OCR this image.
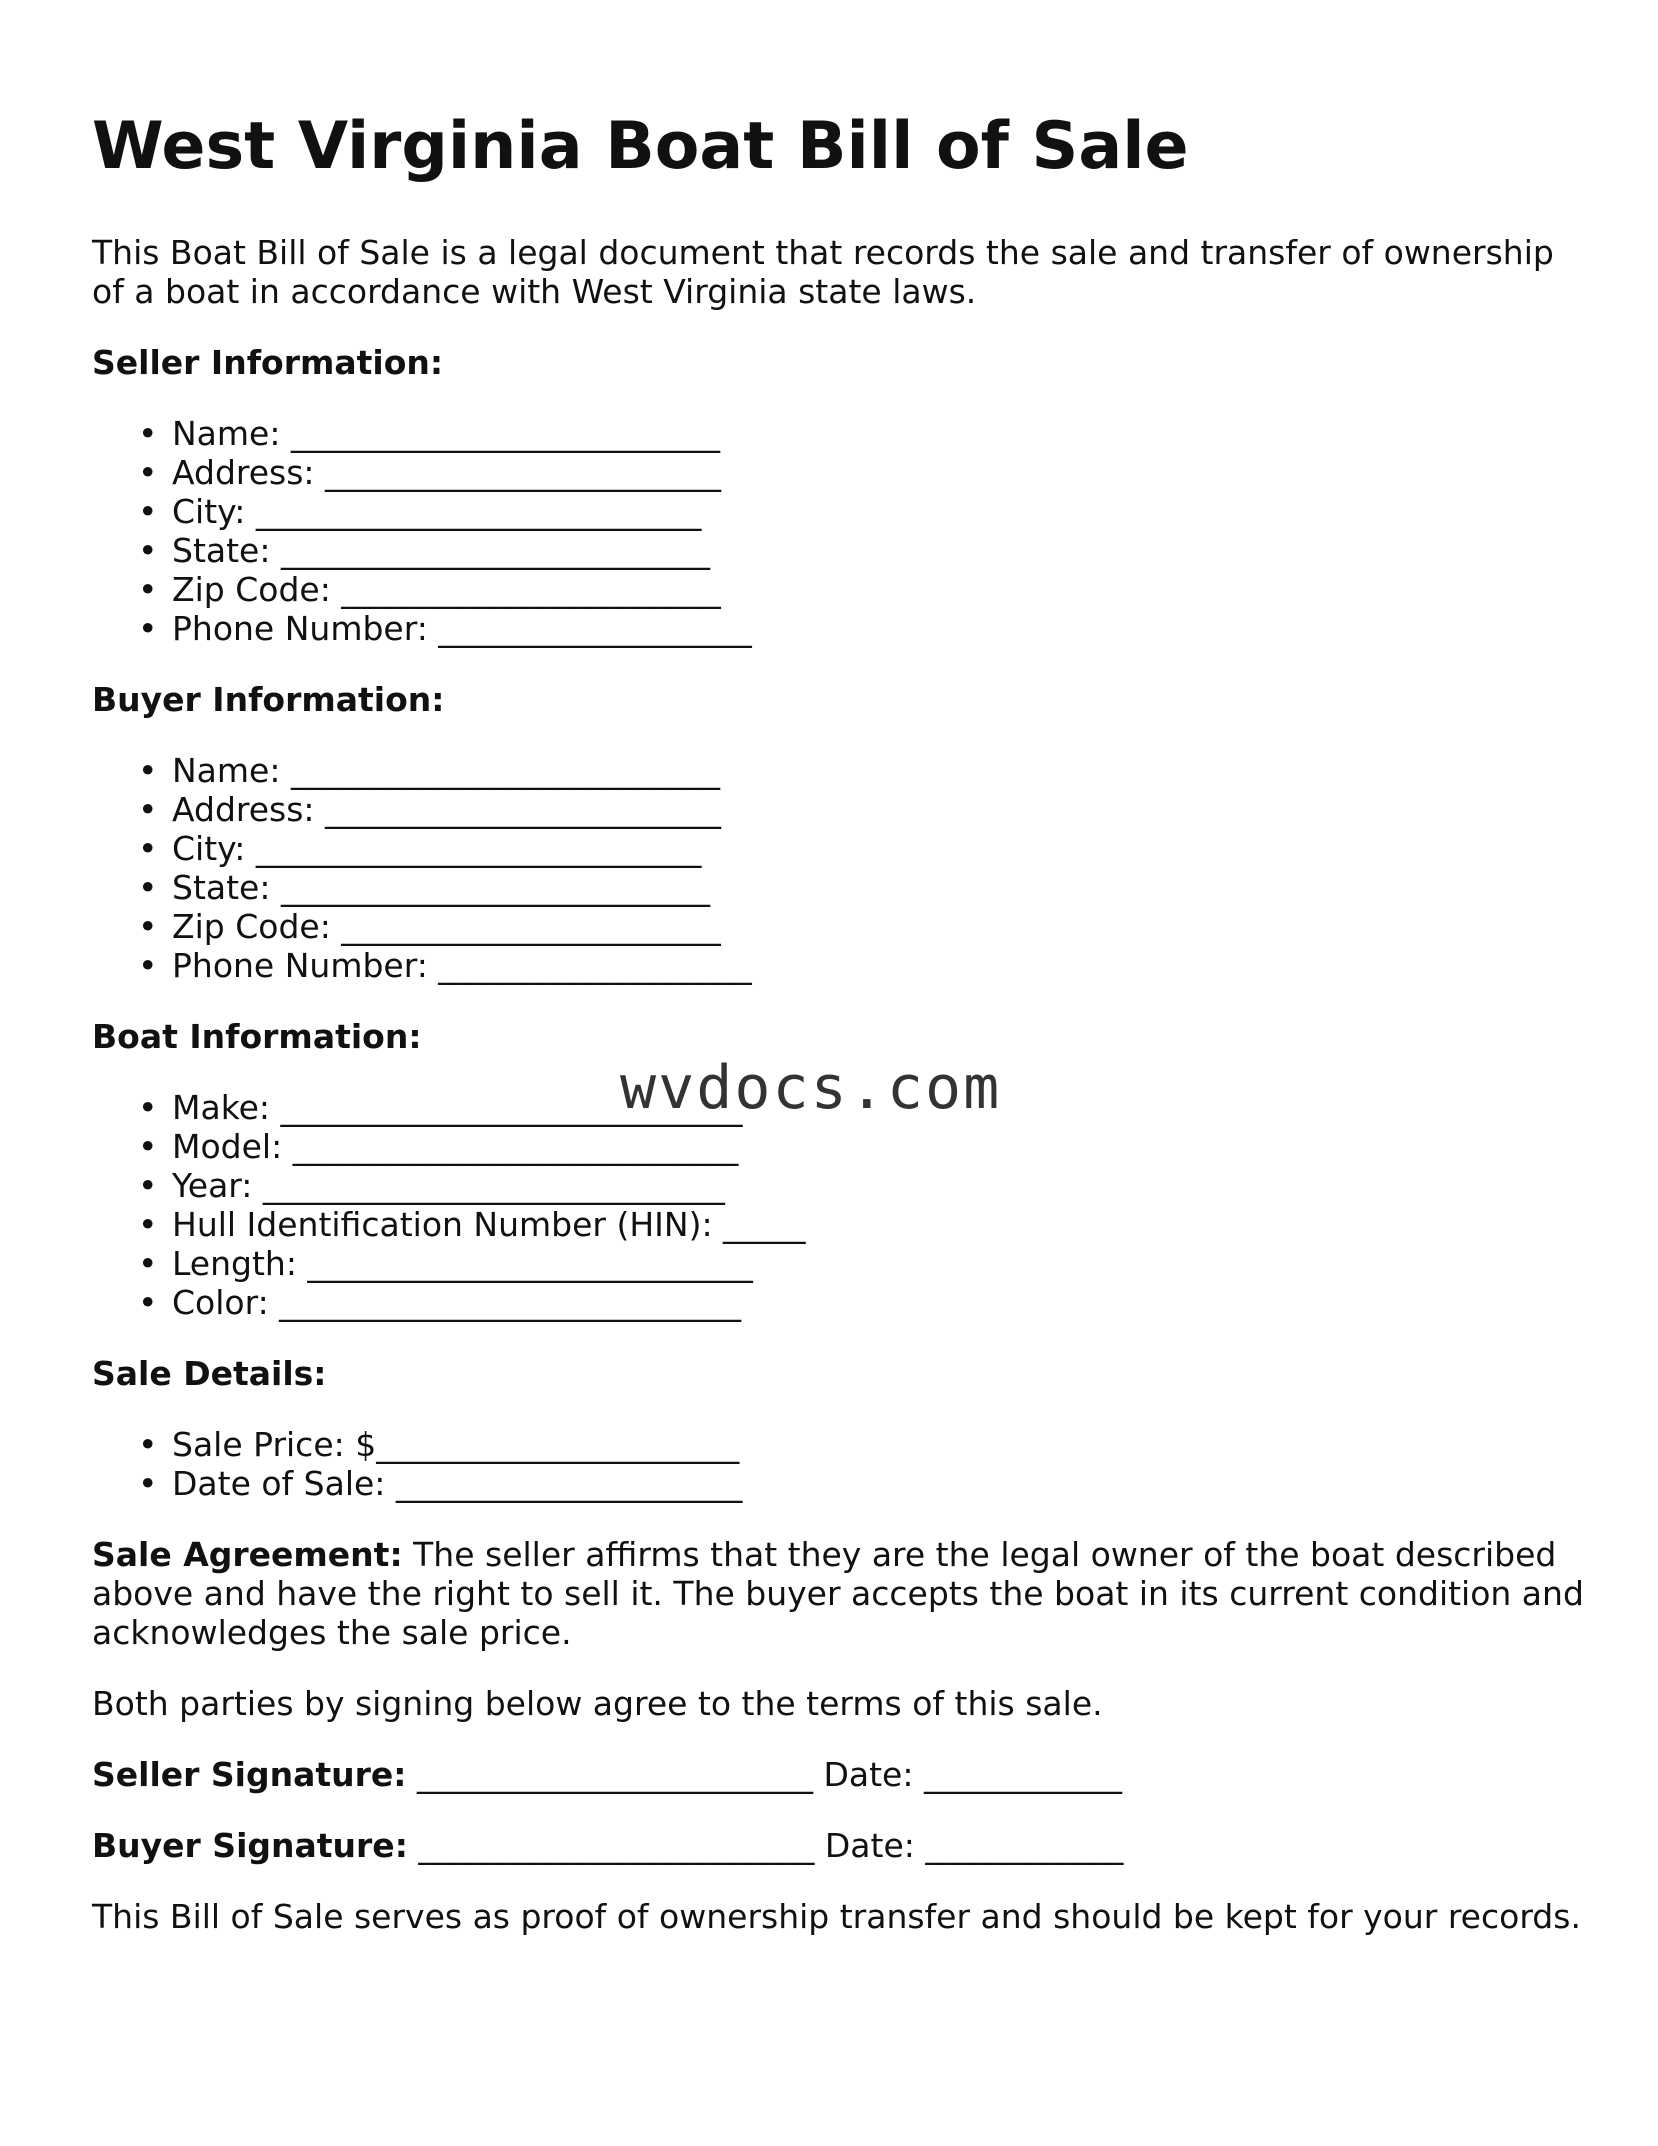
West Virginia Boat Bill of Sale

This Boat Bill of Sale is a legal document that records the sale and transfer of ownership of a boat in accordance with West Virginia state laws.

Seller Information:
• Name: __________________________
• Address: ________________________
• City: ___________________________
• State: __________________________
• Zip Code: _______________________
• Phone Number: ___________________
Buyer Information:
• Name: __________________________
• Address: ________________________
• City: ___________________________
• State: __________________________
• Zip Code: _______________________
• Phone Number: ___________________
Boat Information:
• Make: ____________________________
• Model: ___________________________
• Year: ____________________________
• Hull Identification Number (HIN): _____
• Length: ___________________________
• Color: ____________________________
Sale Details:
• Sale Price: $______________________
• Date of Sale: _____________________

Sale Agreement: The seller affirms that they are the legal owner of the boat described above and have the right to sell it. The buyer accepts the boat in its current condition and acknowledges the sale price.

Both parties by signing below agree to the terms of this sale.

Seller Signature: ________________________ Date: ____________
Buyer Signature: ________________________ Date: ____________

This Bill of Sale serves as proof of ownership transfer and should be kept for your records.

wvdocs.com
